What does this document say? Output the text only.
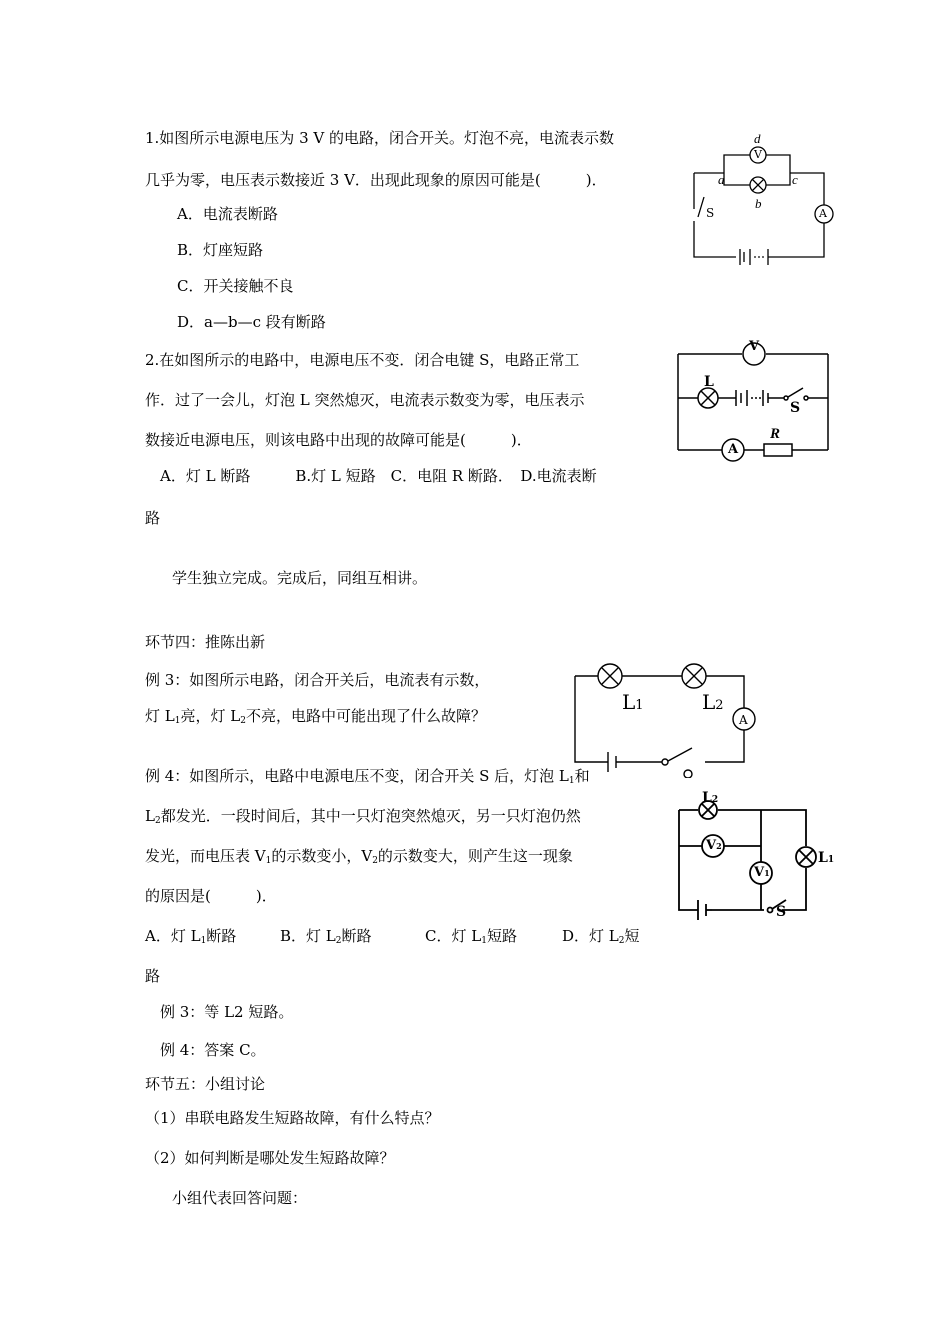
1.如图所示电源电压为 3 V 的电路，闭合开关。灯泡不亮，电流表示数
几乎为零，电压表示数接近 3 V．出现此现象的原因可能是(　　　)．
A．电流表断路
B．灯座短路
C．开关接触不良
D．a—b—c 段有断路
d
V
a	c
b
S	A
2.在如图所示的电路中，电源电压不变．闭合电键 S，电路正常工
作．过了一会儿，灯泡 L 突然熄灭，电流表示数变为零，电压表示
数接近电源电压，则该电路中出现的故障可能是(　　　)．
A．灯 L 断路　　　B.灯 L 短路　C．电阻 R 断路．　D.电流表断
路
V
L
S
A
R
学生独立完成。完成后，同组互相讲。
环节四：推陈出新
例 3：如图所示电路，闭合开关后，电流表有示数，
灯 $L_1$亮，灯 $L_2$不亮，电路中可能出现了什么故障？
L1	L2
A
例 4：如图所示，电路中电源电压不变，闭合开关 S 后，灯泡 $L_1$和
$L_2$都发光．一段时间后，其中一只灯泡突然熄灭，另一只灯泡仍然
发光，而电压表 $V_1$的示数变小，$V_2$的示数变大，则产生这一现象
的原因是(　　　)．
A．灯 $L_1$断路	B．灯 $L_2$断路	C．灯 $L_1$短路	D．灯 $L_2$短
路
L2
V2
V1
L1
S
例 3：等 L2 短路。
例 4：答案 C。
环节五：小组讨论
（1）串联电路发生短路故障，有什么特点？
（2）如何判断是哪处发生短路故障？
小组代表回答问题：
